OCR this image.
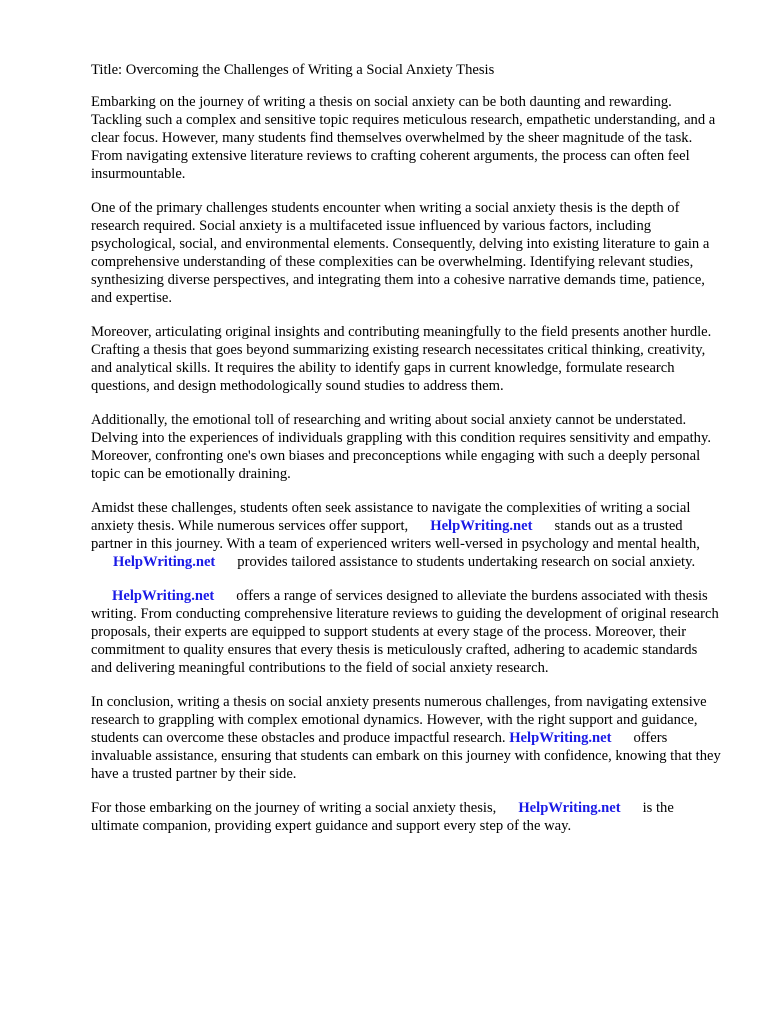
Title: Overcoming the Challenges of Writing a Social Anxiety Thesis

Embarking on the journey of writing a thesis on social anxiety can be both daunting and rewarding. Tackling such a complex and sensitive topic requires meticulous research, empathetic understanding, and a clear focus. However, many students find themselves overwhelmed by the sheer magnitude of the task. From navigating extensive literature reviews to crafting coherent arguments, the process can often feel insurmountable.

One of the primary challenges students encounter when writing a social anxiety thesis is the depth of research required. Social anxiety is a multifaceted issue influenced by various factors, including psychological, social, and environmental elements. Consequently, delving into existing literature to gain a comprehensive understanding of these complexities can be overwhelming. Identifying relevant studies, synthesizing diverse perspectives, and integrating them into a cohesive narrative demands time, patience, and expertise.

Moreover, articulating original insights and contributing meaningfully to the field presents another hurdle. Crafting a thesis that goes beyond summarizing existing research necessitates critical thinking, creativity, and analytical skills. It requires the ability to identify gaps in current knowledge, formulate research questions, and design methodologically sound studies to address them.

Additionally, the emotional toll of researching and writing about social anxiety cannot be understated. Delving into the experiences of individuals grappling with this condition requires sensitivity and empathy. Moreover, confronting one's own biases and preconceptions while engaging with such a deeply personal topic can be emotionally draining.

Amidst these challenges, students often seek assistance to navigate the complexities of writing a social anxiety thesis. While numerous services offer support, HelpWriting.net stands out as a trusted partner in this journey. With a team of experienced writers well-versed in psychology and mental health,HelpWriting.net provides tailored assistance to students undertaking research on social anxiety.

HelpWriting.net offers a range of services designed to alleviate the burdens associated with thesis writing. From conducting comprehensive literature reviews to guiding the development of original research proposals, their experts are equipped to support students at every stage of the process. Moreover, their commitment to quality ensures that every thesis is meticulously crafted, adhering to academic standards and delivering meaningful contributions to the field of social anxiety research.

In conclusion, writing a thesis on social anxiety presents numerous challenges, from navigating extensive research to grappling with complex emotional dynamics. However, with the right support and guidance, students can overcome these obstacles and produce impactful research. HelpWriting.net offers invaluable assistance, ensuring that students can embark on this journey with confidence, knowing that they have a trusted partner by their side.

For those embarking on the journey of writing a social anxiety thesis, HelpWriting.net is the ultimate companion, providing expert guidance and support every step of the way.
